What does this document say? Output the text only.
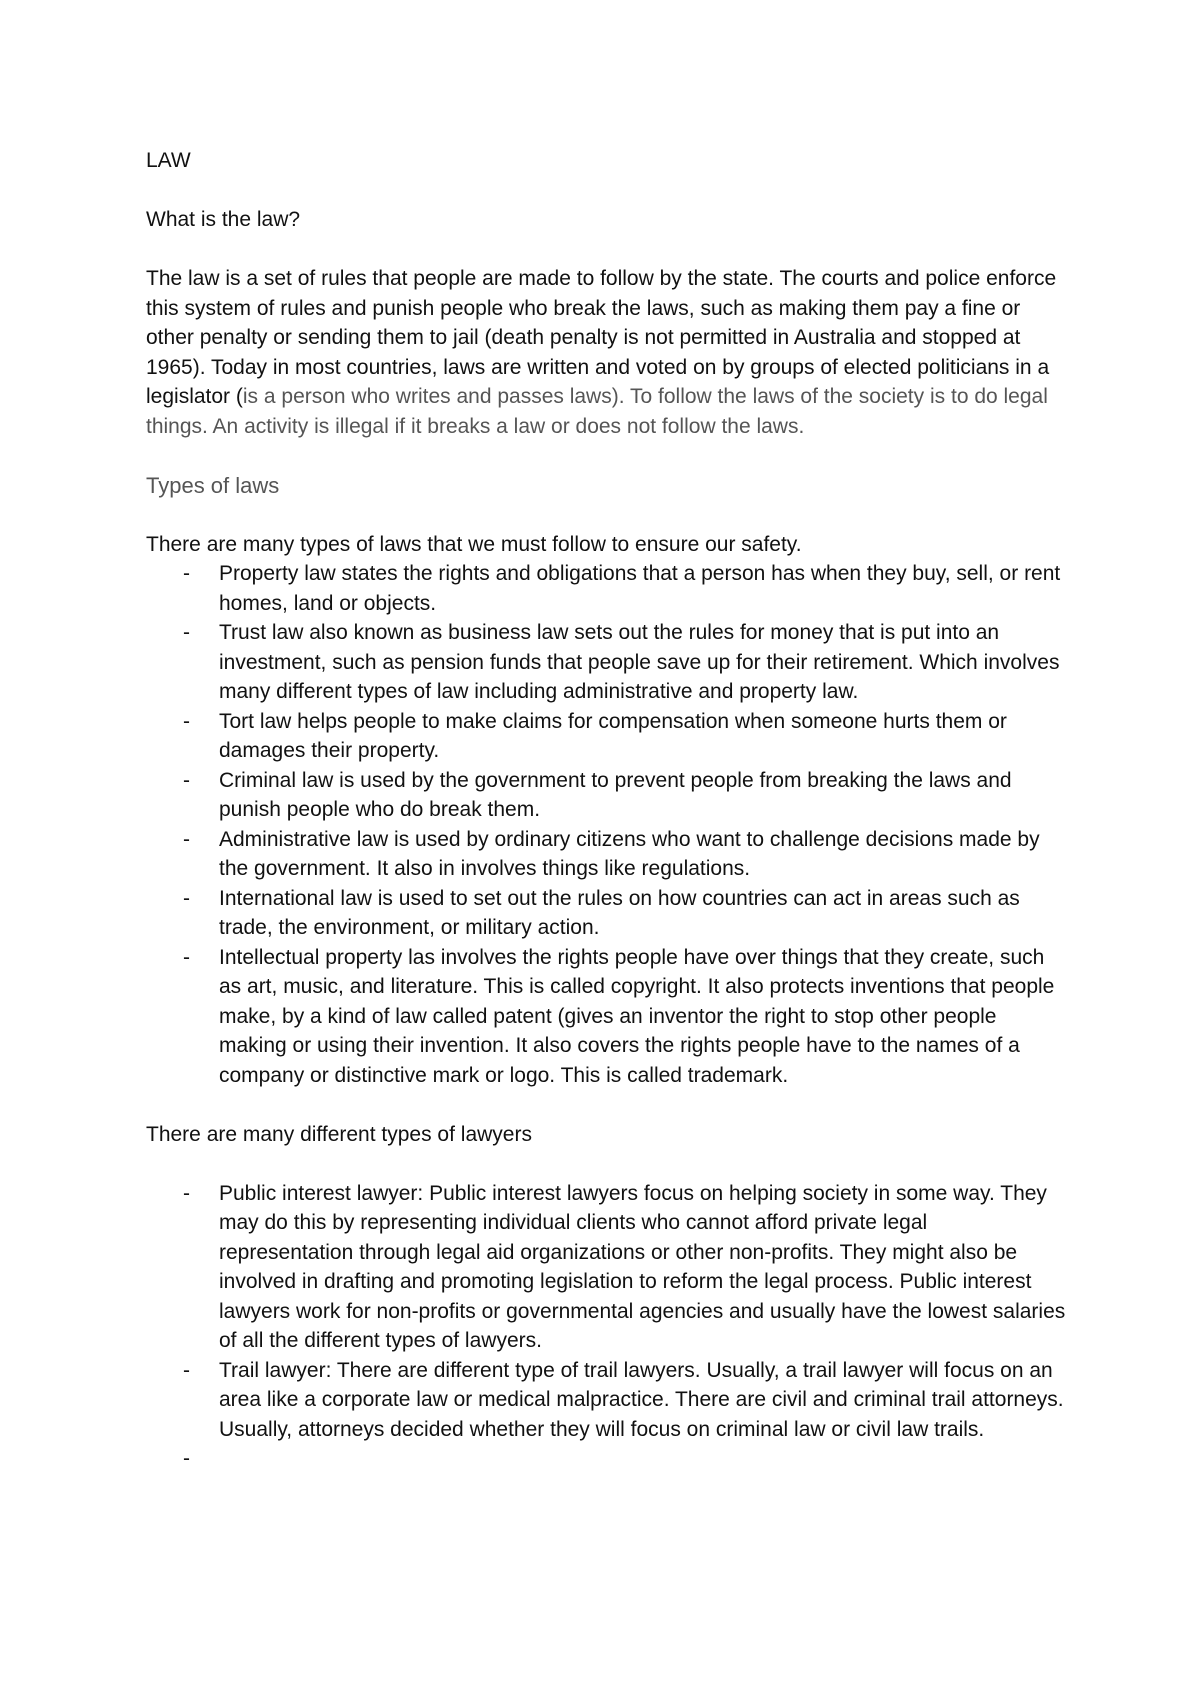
LAW
What is the law?

The law is a set of rules that people are made to follow by the state. The courts and police enforce this system of rules and punish people who break the laws, such as making them pay a fine or other penalty or sending them to jail (death penalty is not permitted in Australia and stopped at 1965). Today in most countries, laws are written and voted on by groups of elected politicians in a legislator (is a person who writes and passes laws). To follow the laws of the society is to do legal things. An activity is illegal if it breaks a law or does not follow the laws.

Types of laws

There are many types of laws that we must follow to ensure our safety.

- Property law states the rights and obligations that a person has when they buy, sell, or rent homes, land or objects.
- Trust law also known as business law sets out the rules for money that is put into an investment, such as pension funds that people save up for their retirement. Which involves many different types of law including administrative and property law.
- Tort law helps people to make claims for compensation when someone hurts them or damages their property.
- Criminal law is used by the government to prevent people from breaking the laws and punish people who do break them.
- Administrative law is used by ordinary citizens who want to challenge decisions made by the government. It also in involves things like regulations.
- International law is used to set out the rules on how countries can act in areas such as trade, the environment, or military action.
- Intellectual property las involves the rights people have over things that they create, such as art, music, and literature. This is called copyright. It also protects inventions that people make, by a kind of law called patent (gives an inventor the right to stop other people making or using their invention. It also covers the rights people have to the names of a company or distinctive mark or logo. This is called trademark.
There are many different types of lawyers
- Public interest lawyer: Public interest lawyers focus on helping society in some way. They may do this by representing individual clients who cannot afford private legal representation through legal aid organizations or other non-profits. They might also be involved in drafting and promoting legislation to reform the legal process. Public interest lawyers work for non-profits or governmental agencies and usually have the lowest salaries of all the different types of lawyers.
- Trail lawyer: There are different type of trail lawyers. Usually, a trail lawyer will focus on an area like a corporate law or medical malpractice. There are civil and criminal trail attorneys. Usually, attorneys decided whether they will focus on criminal law or civil law trails.
-
